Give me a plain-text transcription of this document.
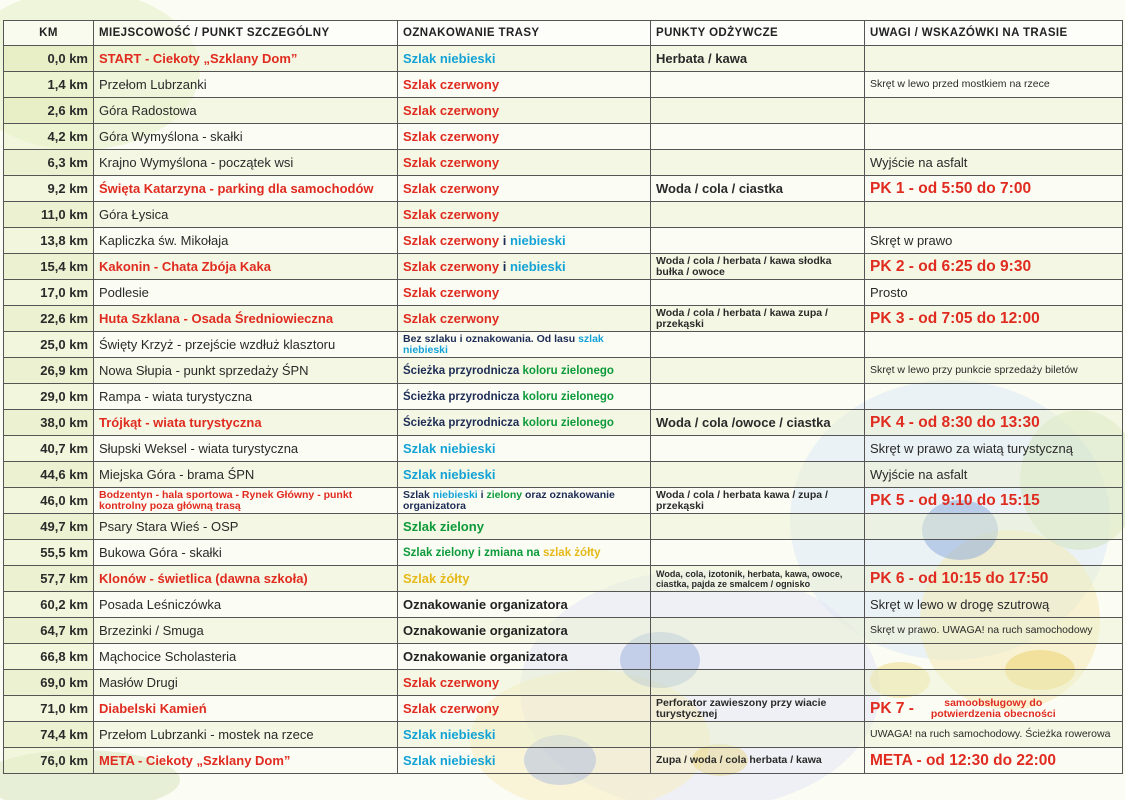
KM	MIEJSCOWOŚĆ / PUNKT SZCZEGÓLNY	OZNAKOWANIE TRASY	PUNKTY ODŻYWCZE	UWAGI / WSKAZÓWKI NA TRASIE
0,0 km	START - Ciekoty „Szklany Dom”	Szlak niebieski	Herbata / kawa	
1,4 km	Przełom Lubrzanki	Szlak czerwony		Skręt w lewo przed mostkiem na rzece
2,6 km	Góra Radostowa	Szlak czerwony		
4,2 km	Góra Wymyślona - skałki	Szlak czerwony		
6,3 km	Krajno Wymyślona - początek wsi	Szlak czerwony		Wyjście na asfalt
9,2 km	Święta Katarzyna - parking dla samochodów	Szlak czerwony	Woda / cola / ciastka	PK 1 - od 5:50 do 7:00
11,0 km	Góra Łysica	Szlak czerwony		
13,8 km	Kapliczka św. Mikołaja	Szlak czerwony i niebieski		Skręt w prawo
15,4 km	Kakonin - Chata Zbója Kaka	Szlak czerwony i niebieski	Woda / cola / herbata / kawa słodka bułka / owoce	PK 2 - od 6:25 do 9:30
17,0 km	Podlesie	Szlak czerwony		Prosto
22,6 km	Huta Szklana - Osada Średniowieczna	Szlak czerwony	Woda / cola / herbata / kawa zupa / przekąski	PK 3 - od 7:05 do 12:00
25,0 km	Święty Krzyż - przejście wzdłuż klasztoru	Bez szlaku i oznakowania. Od lasu szlak niebieski		
26,9 km	Nowa Słupia - punkt sprzedaży ŚPN	Ścieżka przyrodnicza koloru zielonego		Skręt w lewo przy punkcie sprzedaży biletów
29,0 km	Rampa - wiata turystyczna	Ścieżka przyrodnicza koloru zielonego		
38,0 km	Trójkąt - wiata turystyczna	Ścieżka przyrodnicza koloru zielonego	Woda / cola /owoce / ciastka	PK 4 - od 8:30 do 13:30
40,7 km	Słupski Weksel - wiata turystyczna	Szlak niebieski		Skręt w prawo za wiatą turystyczną
44,6 km	Miejska Góra - brama ŚPN	Szlak niebieski		Wyjście na asfalt
46,0 km	Bodzentyn - hala sportowa - Rynek Główny - punkt kontrolny poza główną trasą	Szlak niebieski i zielony oraz oznakowanie organizatora	Woda / cola / herbata kawa / zupa / przekąski	PK 5 - od 9:10 do 15:15
49,7 km	Psary Stara Wieś - OSP	Szlak zielony		
55,5 km	Bukowa Góra - skałki	Szlak zielony i zmiana na szlak żółty		
57,7 km	Klonów - świetlica (dawna szkoła)	Szlak żółty	Woda, cola, izotonik, herbata, kawa, owoce, ciastka, pajda ze smalcem / ognisko	PK 6 - od 10:15 do 17:50
60,2 km	Posada Leśniczówka	Oznakowanie organizatora		Skręt w lewo w drogę szutrową
64,7 km	Brzezinki / Smuga	Oznakowanie organizatora		Skręt w prawo. UWAGA! na ruch samochodowy
66,8 km	Mąchocice Scholasteria	Oznakowanie organizatora		
69,0 km	Masłów Drugi	Szlak czerwony		
71,0 km	Diabelski Kamień	Szlak czerwony	Perforator zawieszony przy wiacie turystycznej	PK 7 - samoobsługowy do potwierdzenia obecności
74,4 km	Przełom Lubrzanki - mostek na rzece	Szlak niebieski		UWAGA! na ruch samochodowy. Ścieżka rowerowa
76,0 km	META - Ciekoty „Szklany Dom”	Szlak niebieski	Zupa / woda / cola herbata / kawa	META - od 12:30 do 22:00
